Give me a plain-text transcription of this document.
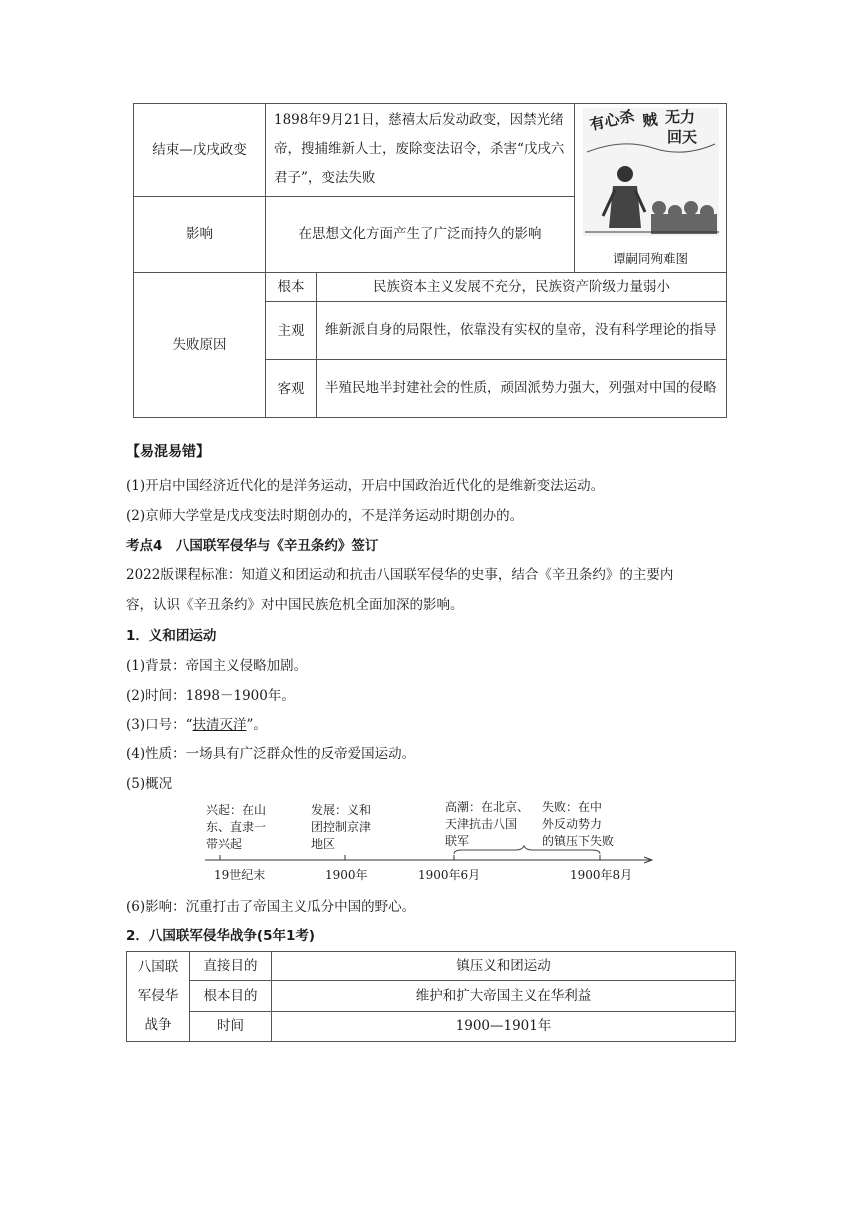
结束—戊戌政变	1898年9月21日，慈禧太后发动政变，因禁光绪帝，搜捕维新人士，废除变法诏令，杀害“戊戌六君子”，变法失败		有心杀 贼 无力
回天
谭嗣同殉难图

影响	在思想文化方面产生了广泛而持久的影响		
失败原因	根本	民族资本主义发展不充分，民族资产阶级力量弱小	
	主观	维新派自身的局限性，依靠没有实权的皇帝，没有科学理论的指导	
	客观	半殖民地半封建社会的性质，顽固派势力强大，列强对中国的侵略	
【易混易错】
(1)开启中国经济近代化的是洋务运动，开启中国政治近代化的是维新变法运动。
(2)京师大学堂是戊戌变法时期创办的，不是洋务运动时期创办的。
考点4　八国联军侵华与《辛丑条约》签订
2022版课程标准：知道义和团运动和抗击八国联军侵华的史事，结合《辛丑条约》的主要内
容，认识《辛丑条约》对中国民族危机全面加深的影响。
1．义和团运动
(1)背景：帝国主义侵略加剧。
(2)时间：1898－1900年。
(3)口号：“扶清灭洋”。
(4)性质：一场具有广泛群众性的反帝爱国运动。
(5)概况
兴起：在山
东、直隶一
带兴起
发展：义和
团控制京津
地区
高潮：在北京、
天津抗击八国
联军
失败：在中
外反动势力
的镇压下失败
19世纪末	1900年	1900年6月	1900年8月
(6)影响：沉重打击了帝国主义瓜分中国的野心。
2．八国联军侵华战争(5年1考)
八国联
军侵华
战争	直接目的	镇压义和团运动
	根本目的	维护和扩大帝国主义在华利益
	时间	1900—1901年
